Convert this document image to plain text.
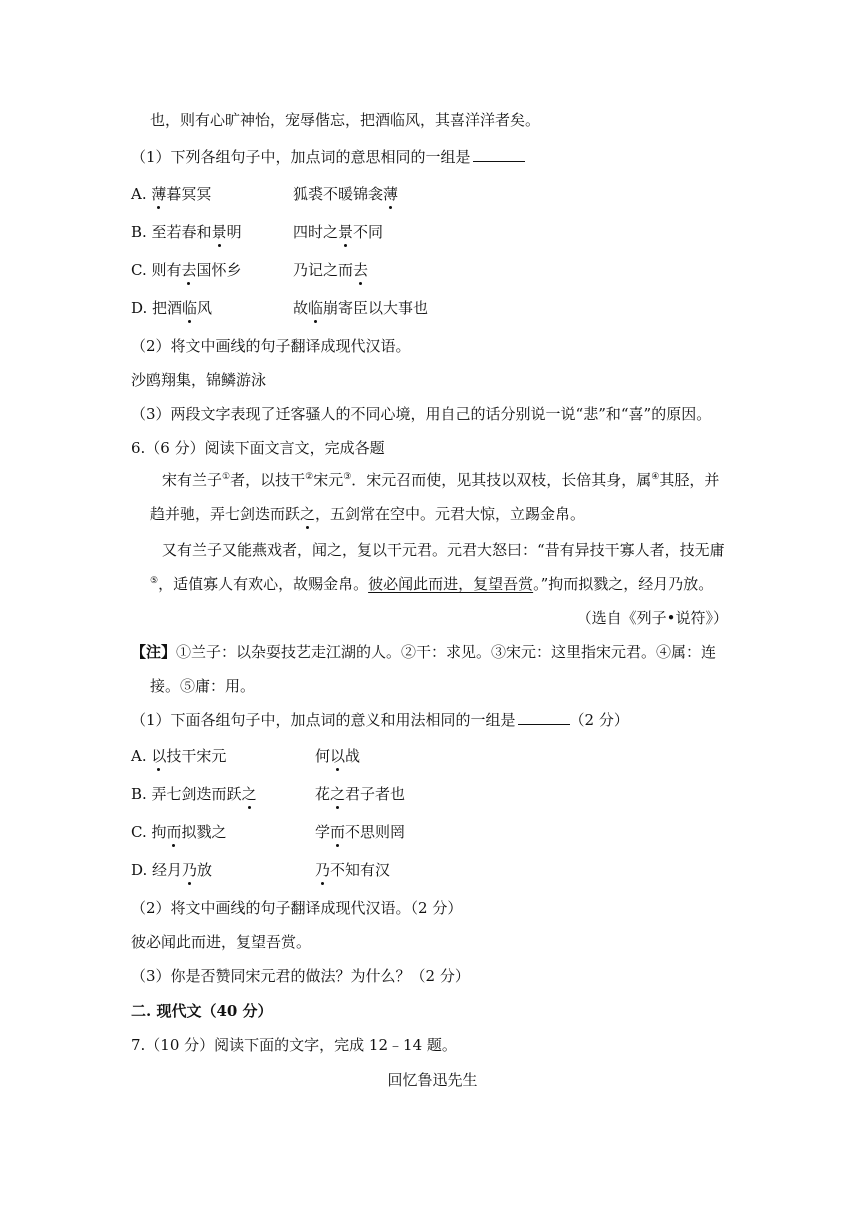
也，则有心旷神怡，宠辱偕忘，把酒临风，其喜洋洋者矣。
（1）下列各组句子中，加点词的意思相同的一组是
A. 薄暮冥冥	狐裘不暖锦衾薄
B. 至若春和景明	四时之景不同
C. 则有去国怀乡	乃记之而去
D. 把酒临风	故临崩寄臣以大事也
（2）将文中画线的句子翻译成现代汉语。
沙鸥翔集，锦鳞游泳
（3）两段文字表现了迁客骚人的不同心境，用自己的话分别说一说“悲”和“喜”的原因。
6.（6 分）阅读下面文言文，完成各题
宋有兰子①者，以技干②宋元③．宋元召而使，见其技以双枝，长倍其身，属④其胫，并
趋并驰，弄七剑迭而跃之，五剑常在空中。元君大惊，立踢金帛。
又有兰子又能燕戏者，闻之，复以干元君。元君大怒曰：“昔有异技干寡人者，技无庸
⑤，适值寡人有欢心，故赐金帛。彼必闻此而进，复望吾赏。”拘而拟戮之，经月乃放。
（选自《列子•说符》）
【注】①兰子：以杂耍技艺走江湖的人。②干：求见。③宋元：这里指宋元君。④属：连
接。⑤庸：用。
（1）下面各组句子中，加点词的意义和用法相同的一组是	（2 分）
A. 以技干宋元	何以战
B. 弄七剑迭而跃之	花之君子者也
C. 拘而拟戮之	学而不思则罔
D. 经月乃放	乃不知有汉
（2）将文中画线的句子翻译成现代汉语。（2 分）
彼必闻此而进，复望吾赏。
（3）你是否赞同宋元君的做法？为什么？（2 分）
二. 现代文（40 分）
7.（10 分）阅读下面的文字，完成 12﹣14 题。
回忆鲁迅先生
